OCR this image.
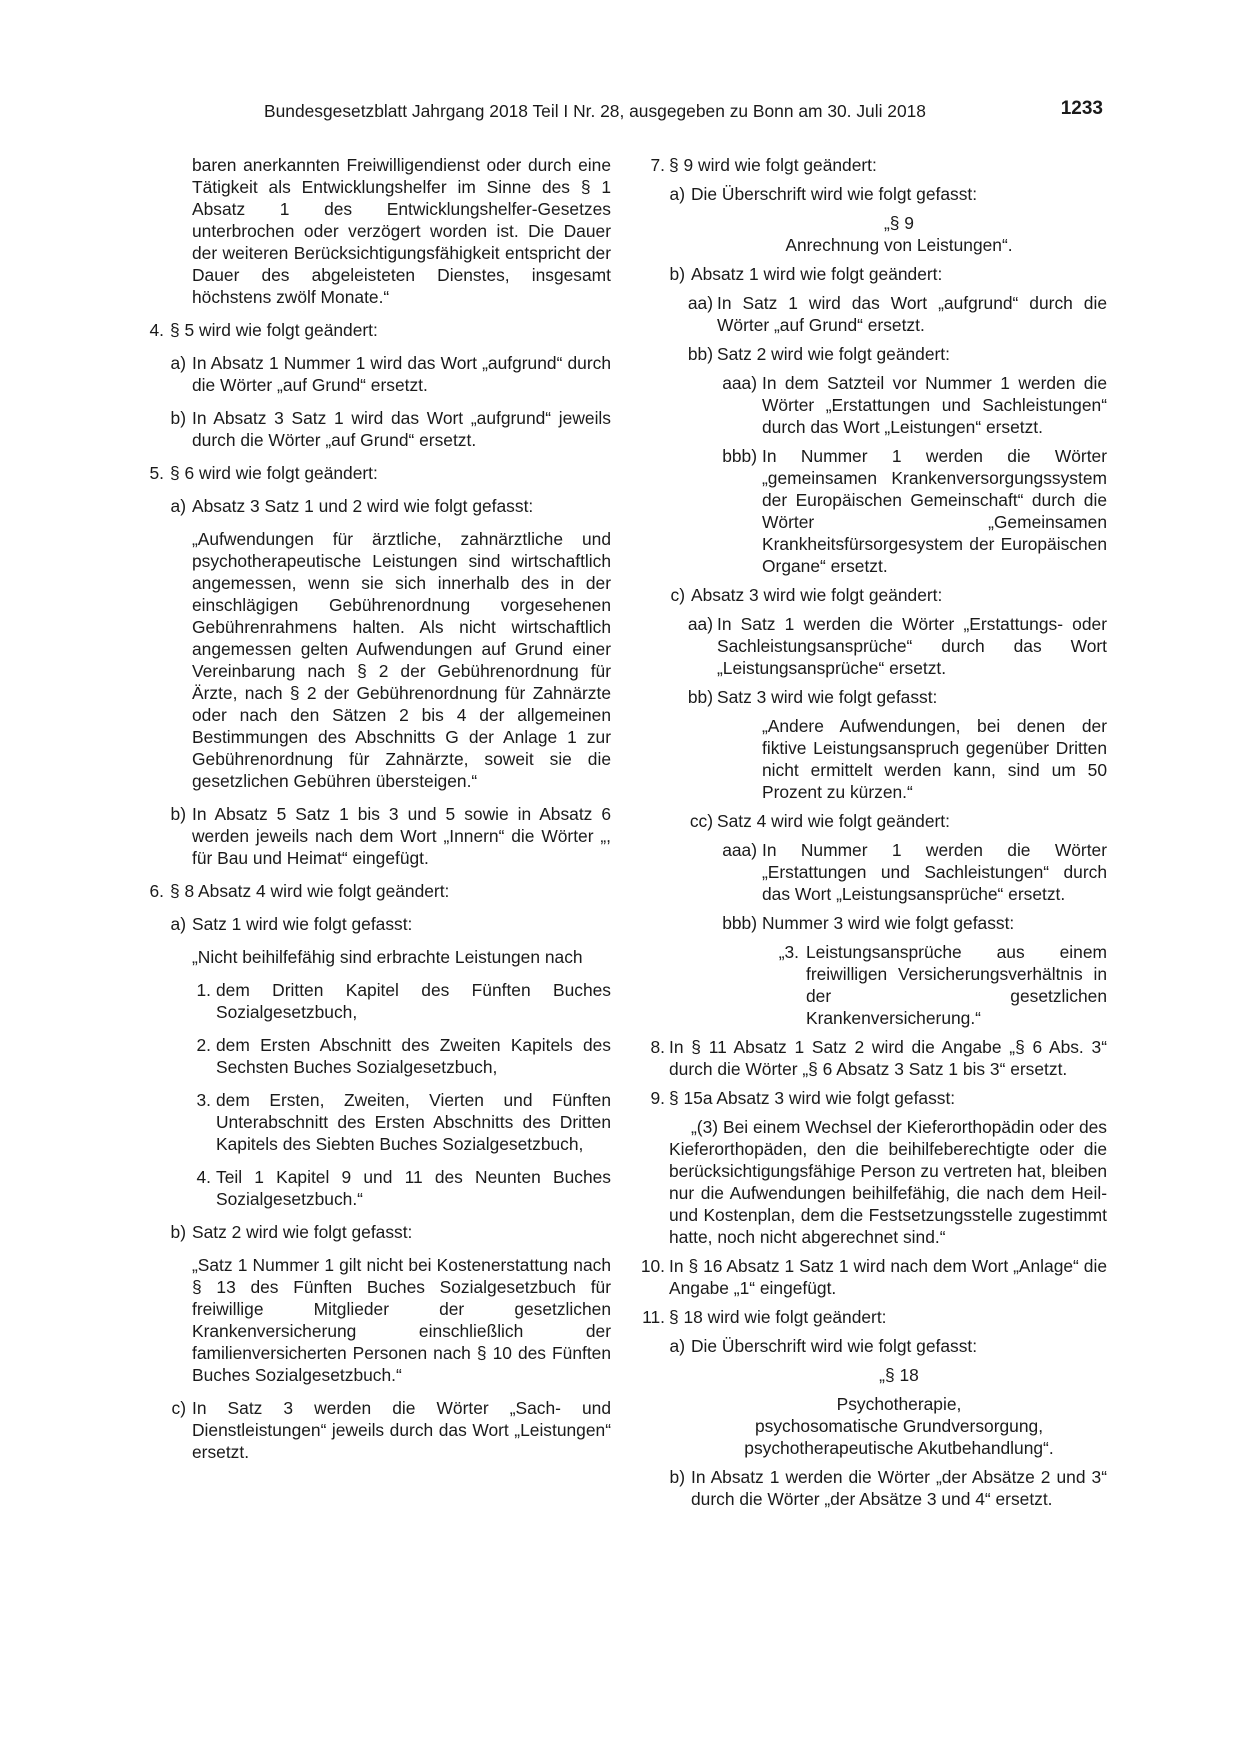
Bundesgesetzblatt Jahrgang 2018 Teil I Nr. 28, ausgegeben zu Bonn am 30. Juli 2018	1233
baren anerkannten Freiwilligendienst oder durch eine Tätigkeit als Entwicklungshelfer im Sinne des § 1 Absatz 1 des Entwicklungshelfer-Gesetzes unterbrochen oder verzögert worden ist. Die Dauer der weiteren Berücksichtigungsfähigkeit entspricht der Dauer des abgeleisteten Dienstes, insgesamt höchstens zwölf Monate.“
4. § 5 wird wie folgt geändert:
a) In Absatz 1 Nummer 1 wird das Wort „aufgrund“ durch die Wörter „auf Grund“ ersetzt.
b) In Absatz 3 Satz 1 wird das Wort „aufgrund“ jeweils durch die Wörter „auf Grund“ ersetzt.
5. § 6 wird wie folgt geändert:
a) Absatz 3 Satz 1 und 2 wird wie folgt gefasst:
„Aufwendungen für ärztliche, zahnärztliche und psychotherapeutische Leistungen sind wirtschaftlich angemessen, wenn sie sich innerhalb des in der einschlägigen Gebührenordnung vorgesehenen Gebührenrahmens halten. Als nicht wirtschaftlich angemessen gelten Aufwendungen auf Grund einer Vereinbarung nach § 2 der Gebührenordnung für Ärzte, nach § 2 der Gebührenordnung für Zahnärzte oder nach den Sätzen 2 bis 4 der allgemeinen Bestimmungen des Abschnitts G der Anlage 1 zur Gebührenordnung für Zahnärzte, soweit sie die gesetzlichen Gebühren übersteigen.“
b) In Absatz 5 Satz 1 bis 3 und 5 sowie in Absatz 6 werden jeweils nach dem Wort „Innern“ die Wörter „, für Bau und Heimat“ eingefügt.
6. § 8 Absatz 4 wird wie folgt geändert:
a) Satz 1 wird wie folgt gefasst:
„Nicht beihilfefähig sind erbrachte Leistungen nach
1. dem Dritten Kapitel des Fünften Buches Sozialgesetzbuch,
2. dem Ersten Abschnitt des Zweiten Kapitels des Sechsten Buches Sozialgesetzbuch,
3. dem Ersten, Zweiten, Vierten und Fünften Unterabschnitt des Ersten Abschnitts des Dritten Kapitels des Siebten Buches Sozialgesetzbuch,
4. Teil 1 Kapitel 9 und 11 des Neunten Buches Sozialgesetzbuch.“
b) Satz 2 wird wie folgt gefasst:
„Satz 1 Nummer 1 gilt nicht bei Kostenerstattung nach § 13 des Fünften Buches Sozialgesetzbuch für freiwillige Mitglieder der gesetzlichen Krankenversicherung einschließlich der familienversicherten Personen nach § 10 des Fünften Buches Sozialgesetzbuch.“
c) In Satz 3 werden die Wörter „Sach- und Dienstleistungen“ jeweils durch das Wort „Leistungen“ ersetzt.
7. § 9 wird wie folgt geändert:
a) Die Überschrift wird wie folgt gefasst:
„§ 9
Anrechnung von Leistungen“.
b) Absatz 1 wird wie folgt geändert:
aa) In Satz 1 wird das Wort „aufgrund“ durch die Wörter „auf Grund“ ersetzt.
bb) Satz 2 wird wie folgt geändert:
aaa) In dem Satzteil vor Nummer 1 werden die Wörter „Erstattungen und Sachleistungen“ durch das Wort „Leistungen“ ersetzt.
bbb) In Nummer 1 werden die Wörter „gemeinsamen Krankenversorgungssystem der Europäischen Gemeinschaft“ durch die Wörter „Gemeinsamen Krankheitsfürsorgesystem der Europäischen Organe“ ersetzt.
c) Absatz 3 wird wie folgt geändert:
aa) In Satz 1 werden die Wörter „Erstattungs- oder Sachleistungsansprüche“ durch das Wort „Leistungsansprüche“ ersetzt.
bb) Satz 3 wird wie folgt gefasst:
„Andere Aufwendungen, bei denen der fiktive Leistungsanspruch gegenüber Dritten nicht ermittelt werden kann, sind um 50 Prozent zu kürzen.“
cc) Satz 4 wird wie folgt geändert:
aaa) In Nummer 1 werden die Wörter „Erstattungen und Sachleistungen“ durch das Wort „Leistungsansprüche“ ersetzt.
bbb) Nummer 3 wird wie folgt gefasst:
„3. Leistungsansprüche aus einem freiwilligen Versicherungsverhältnis in der gesetzlichen Krankenversicherung.“
8. In § 11 Absatz 1 Satz 2 wird die Angabe „§ 6 Abs. 3“ durch die Wörter „§ 6 Absatz 3 Satz 1 bis 3“ ersetzt.
9. § 15a Absatz 3 wird wie folgt gefasst:
„(3) Bei einem Wechsel der Kieferorthopädin oder des Kieferorthopäden, den die beihilfeberechtigte oder die berücksichtigungsfähige Person zu vertreten hat, bleiben nur die Aufwendungen beihilfefähig, die nach dem Heil- und Kostenplan, dem die Festsetzungsstelle zugestimmt hatte, noch nicht abgerechnet sind.“
10. In § 16 Absatz 1 Satz 1 wird nach dem Wort „Anlage“ die Angabe „1“ eingefügt.
11. § 18 wird wie folgt geändert:
a) Die Überschrift wird wie folgt gefasst:
„§ 18
Psychotherapie,
psychosomatische Grundversorgung,
psychotherapeutische Akutbehandlung“.
b) In Absatz 1 werden die Wörter „der Absätze 2 und 3“ durch die Wörter „der Absätze 3 und 4“ ersetzt.
